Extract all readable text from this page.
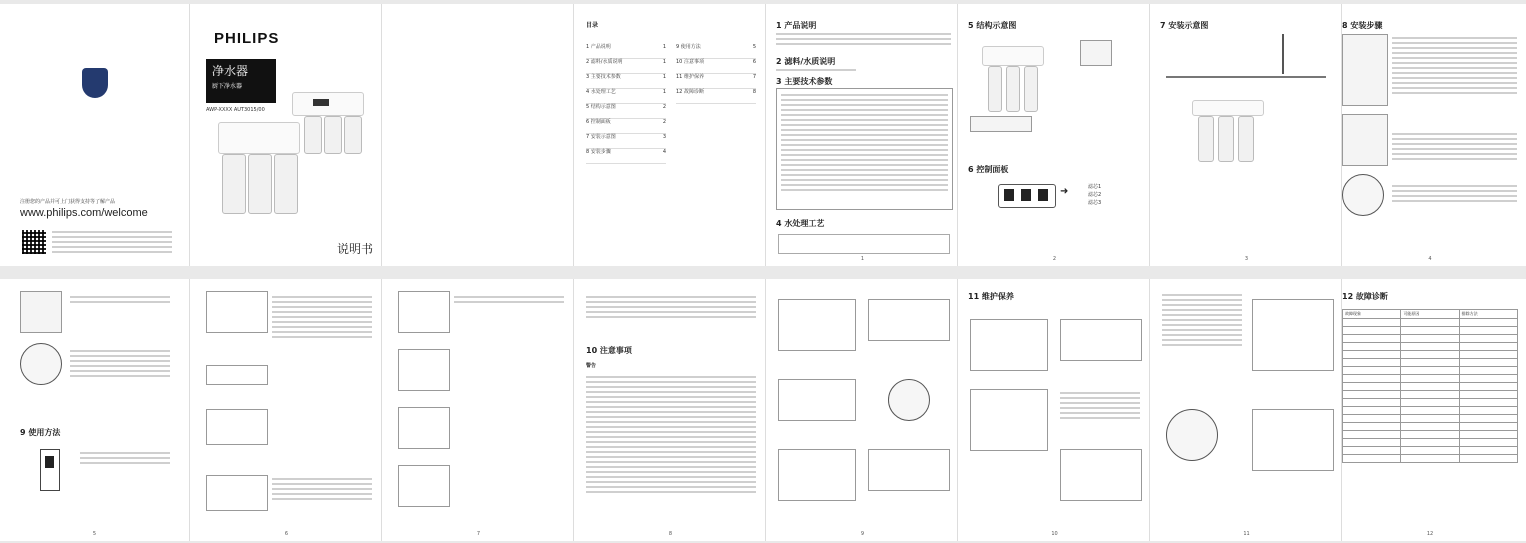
注册您的产品并可上门获得支持等了解产品
www.philips.com/welcome
PHILIPS
净水器
厨下净水器
AWP-XXXX AUT3015/00
说明书
目录
1 产品说明	1
2 滤料/水质说明	1
3 主要技术参数	1
4 水处理工艺	1
5 结构示意图	2
6 控制面板	2
7 安装示意图	3
8 安装步骤	4
9 使用方法	5
10 注意事项	6
11 维护保养	7
12 故障诊断	8
1 产品说明
2 滤料/水质说明
3 主要技术参数
4 水处理工艺
1
5 结构示意图
6 控制面板
➜	滤芯1
滤芯2
滤芯3
2
7 安装示意图
3
8 安装步骤
4
9 使用方法
5	6	7
10 注意事项
警告
8	9
11 维护保养
10	11
12 故障诊断
故障现象	可能原因	排除方法

12
